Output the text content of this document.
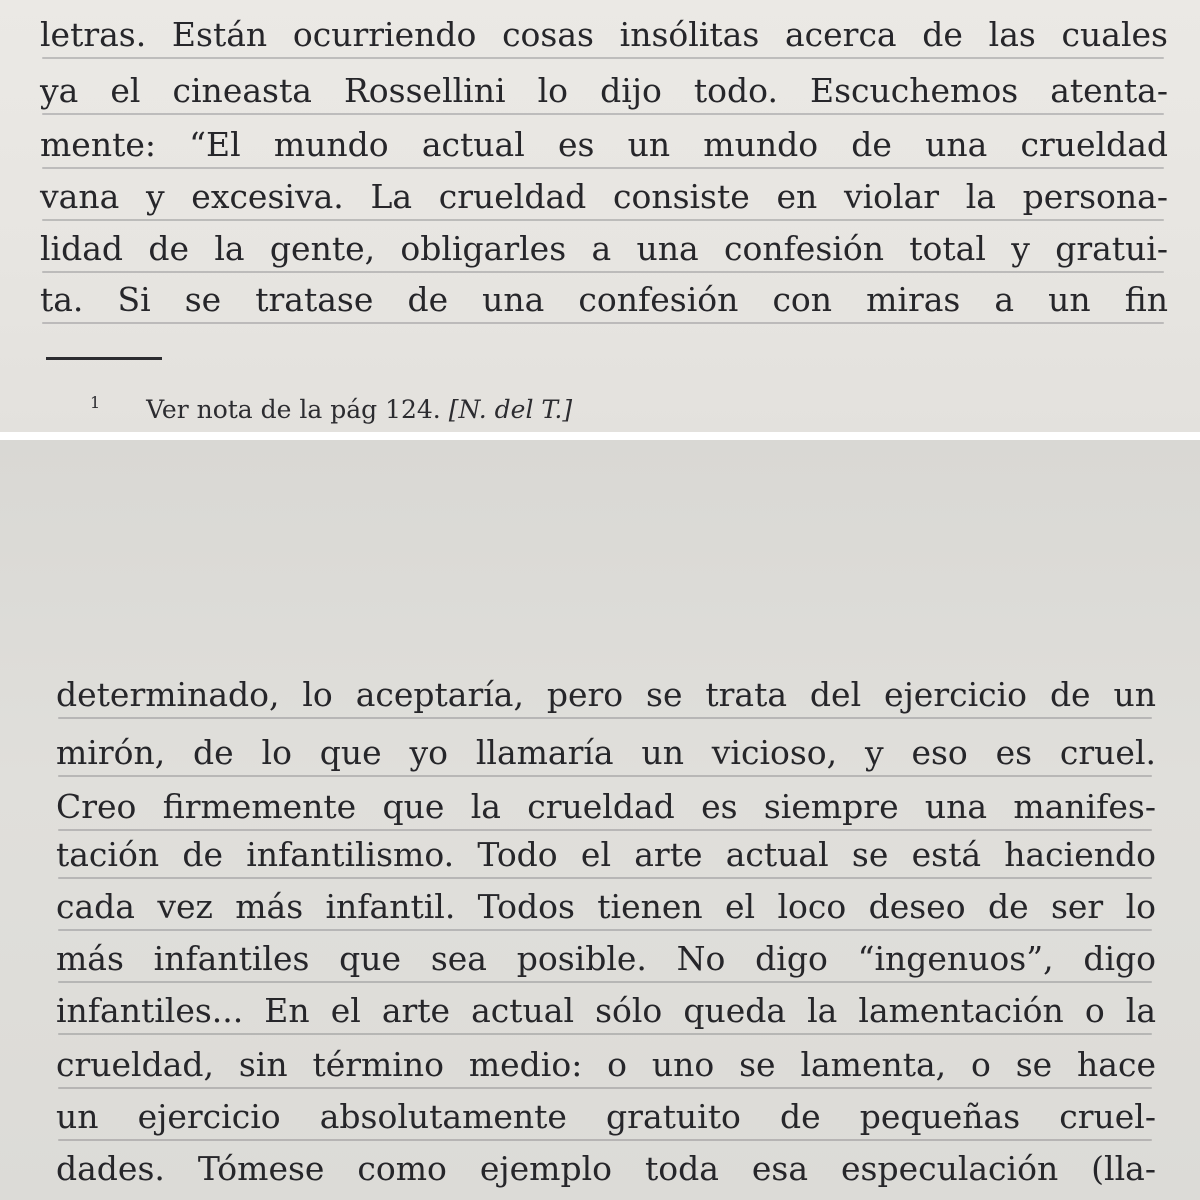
letras. Están ocurriendo cosas insólitas acerca de las cuales
ya el cineasta Rossellini lo dijo todo. Escuchemos atenta-
mente: “El mundo actual es un mundo de una crueldad
vana y excesiva. La crueldad consiste en violar la persona-
lidad de la gente, obligarles a una confesión total y gratui-
ta. Si se tratase de una confesión con miras a un fin
$^1$ Ver nota de la pág 124. [N. del T.]
determinado, lo aceptaría, pero se trata del ejercicio de un
mirón, de lo que yo llamaría un vicioso, y eso es cruel.
Creo firmemente que la crueldad es siempre una manifes-
tación de infantilismo. Todo el arte actual se está haciendo
cada vez más infantil. Todos tienen el loco deseo de ser lo
más infantiles que sea posible. No digo “ingenuos”, digo
infantiles... En el arte actual sólo queda la lamentación o la
crueldad, sin término medio: o uno se lamenta, o se hace
un ejercicio absolutamente gratuito de pequeñas cruel-
dades. Tómese como ejemplo toda esa especulación (lla-
